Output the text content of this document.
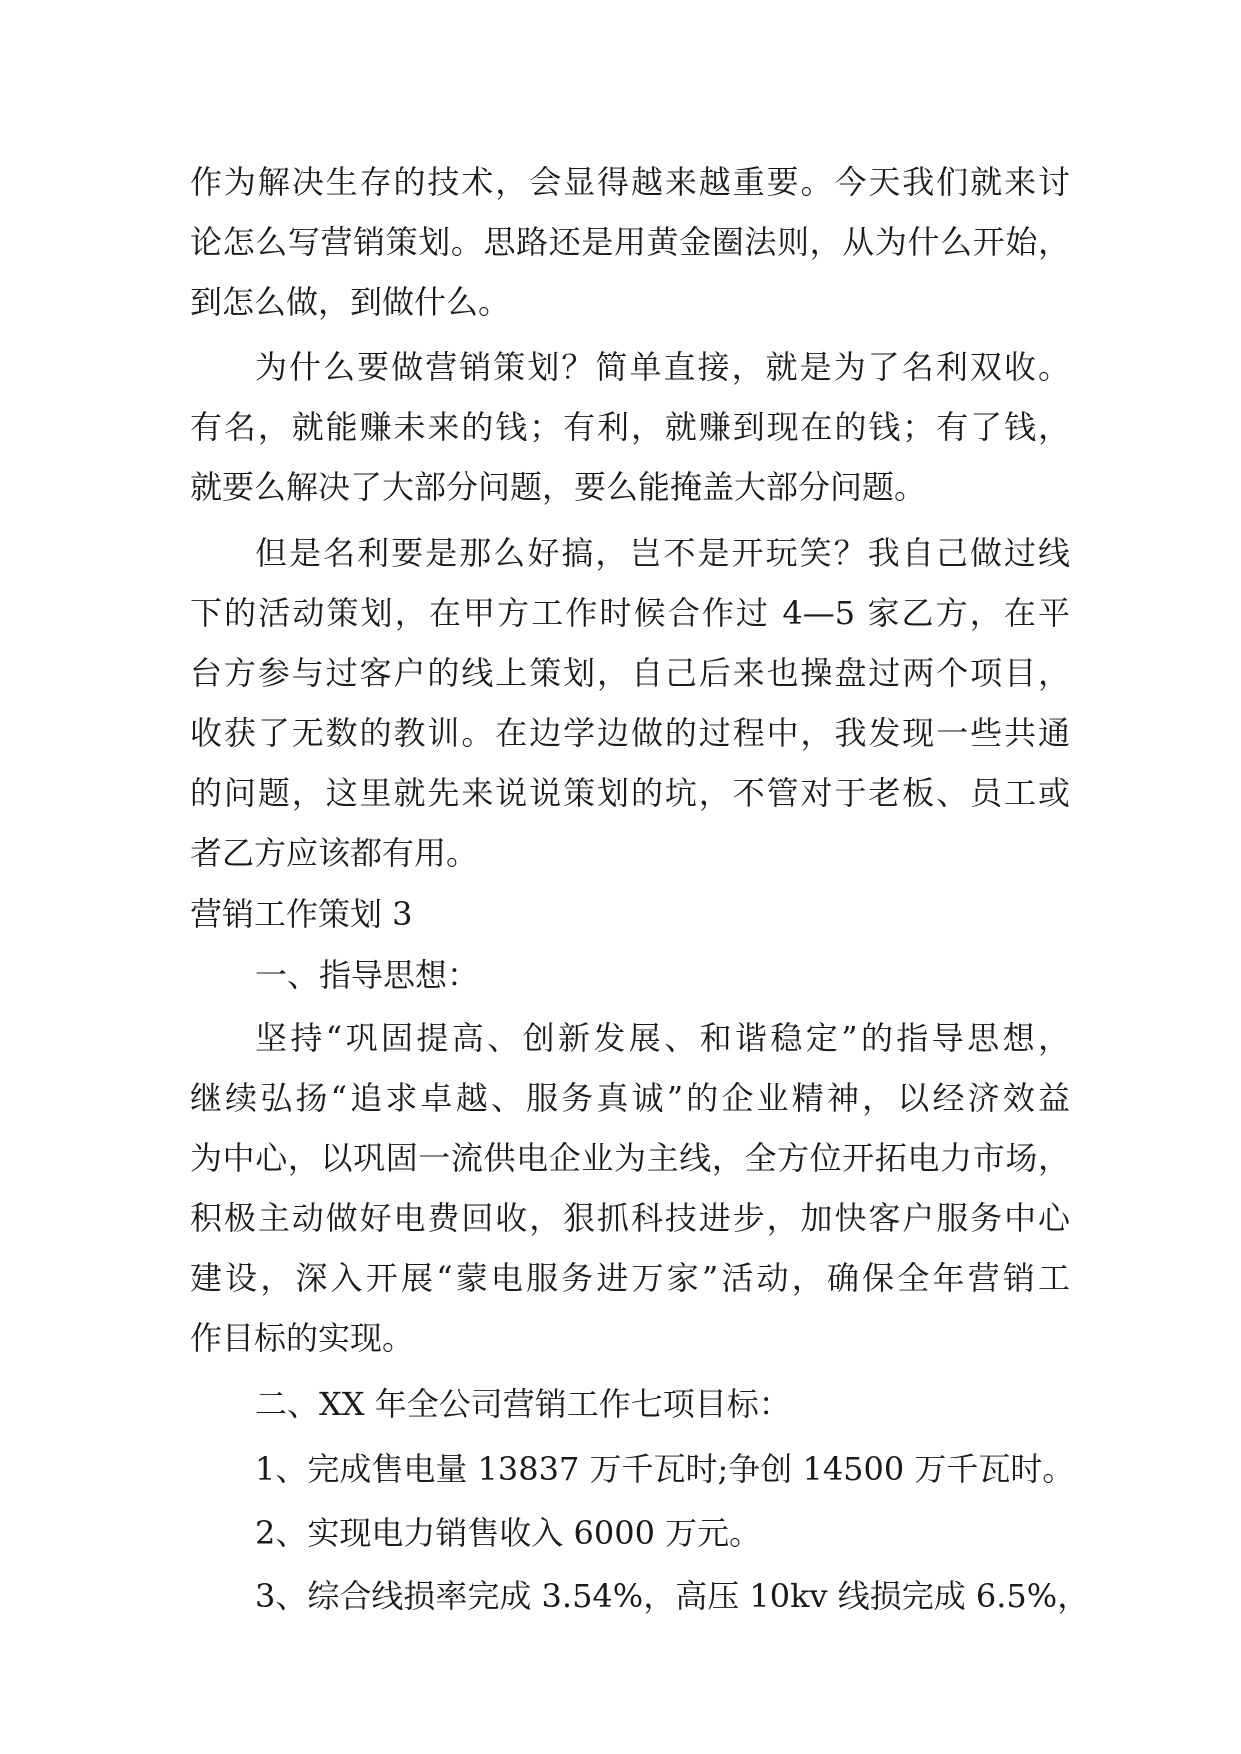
作为解决生存的技术，会显得越来越重要。今天我们就来讨
论怎么写营销策划。思路还是用黄金圈法则，从为什么开始，
到怎么做，到做什么。
为什么要做营销策划？简单直接，就是为了名利双收。
有名，就能赚未来的钱；有利，就赚到现在的钱；有了钱，
就要么解决了大部分问题，要么能掩盖大部分问题。
但是名利要是那么好搞，岂不是开玩笑？我自己做过线
下的活动策划，在甲方工作时候合作过 4—5 家乙方，在平
台方参与过客户的线上策划，自己后来也操盘过两个项目，
收获了无数的教训。在边学边做的过程中，我发现一些共通
的问题，这里就先来说说策划的坑，不管对于老板、员工或
者乙方应该都有用。
营销工作策划 3
一、指导思想：
坚持“巩固提高、创新发展、和谐稳定”的指导思想，
继续弘扬“追求卓越、服务真诚”的企业精神，以经济效益
为中心，以巩固一流供电企业为主线，全方位开拓电力市场，
积极主动做好电费回收，狠抓科技进步，加快客户服务中心
建设，深入开展“蒙电服务进万家”活动，确保全年营销工
作目标的实现。
二、XX 年全公司营销工作七项目标：
1、完成售电量 13837 万千瓦时;争创 14500 万千瓦时。
2、实现电力销售收入 6000 万元。
3、综合线损率完成 3.54%，高压 10kv 线损完成 6.5%，
